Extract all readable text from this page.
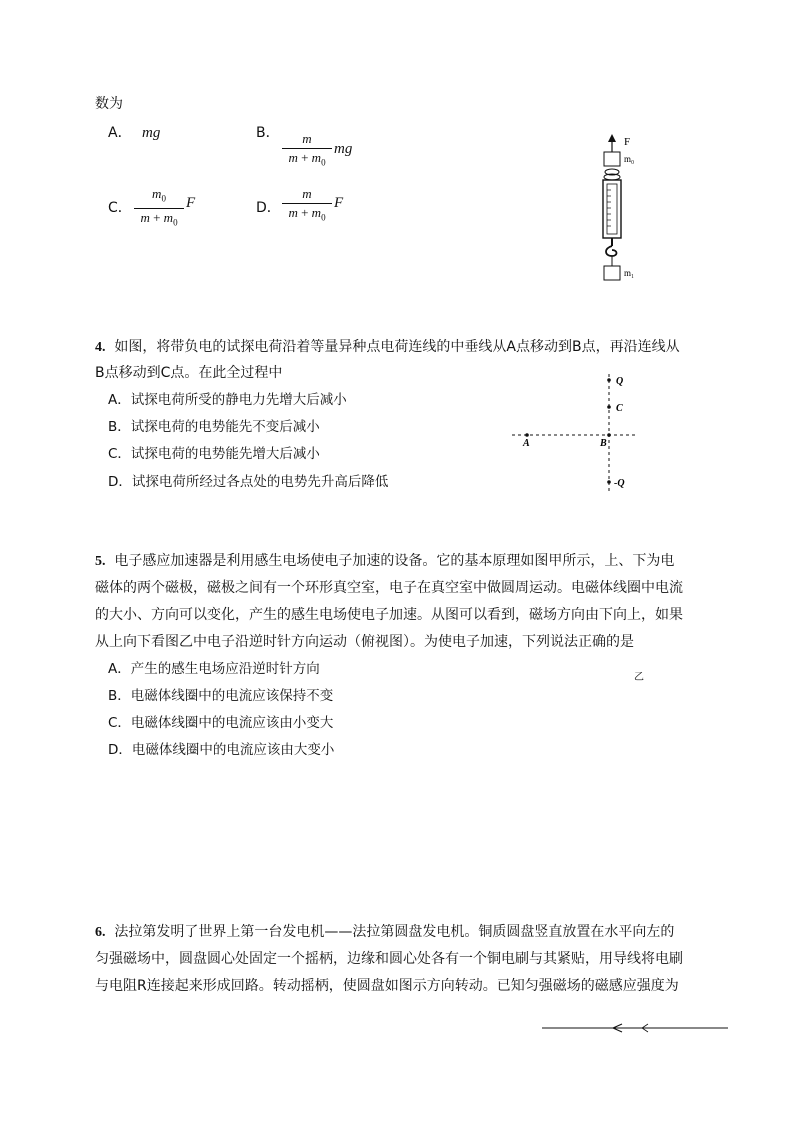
数为
A． mg	B．	m
$m + m_0$
mg
C．
$m_0$
$m + m_0$
F	D．
m
$m + m_0$
F
F
m₀
m₁
4. 如图，将带负电的试探电荷沿着等量异种点电荷连线的中垂线从A点移动到B点，再沿连线从
B点移动到C点。在此全过程中
A．试探电荷所受的静电力先增大后减小
B．试探电荷的电势能先不变后减小
C．试探电荷的电势能先增大后减小
D．试探电荷所经过各点处的电势先升高后降低
Q
C
A	B
-Q
5. 电子感应加速器是利用感生电场使电子加速的设备。它的基本原理如图甲所示，上、下为电
磁体的两个磁极，磁极之间有一个环形真空室，电子在真空室中做圆周运动。电磁体线圈中电流
的大小、方向可以变化，产生的感生电场使电子加速。从图可以看到，磁场方向由下向上，如果
从上向下看图乙中电子沿逆时针方向运动（俯视图）。为使电子加速，下列说法正确的是
A．产生的感生电场应沿逆时针方向
B．电磁体线圈中的电流应该保持不变
C．电磁体线圈中的电流应该由小变大
D．电磁体线圈中的电流应该由大变小
乙
6. 法拉第发明了世界上第一台发电机——法拉第圆盘发电机。铜质圆盘竖直放置在水平向左的
匀强磁场中，圆盘圆心处固定一个摇柄，边缘和圆心处各有一个铜电刷与其紧贴，用导线将电刷
与电阻R连接起来形成回路。转动摇柄，使圆盘如图示方向转动。已知匀强磁场的磁感应强度为
